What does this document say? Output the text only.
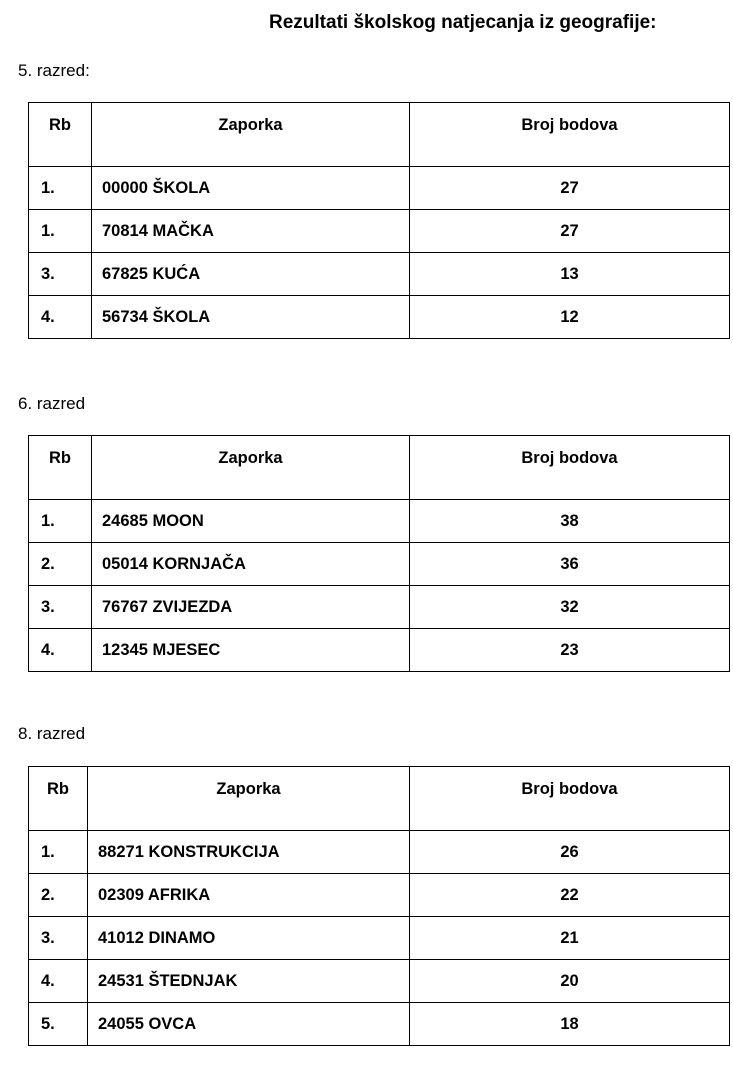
Rezultati školskog natjecanja iz geografije:
5. razred:
Rb	Zaporka	Broj bodova
1.	00000 ŠKOLA	27
1.	70814 MAČKA	27
3.	67825 KUĆA	13
4.	56734 ŠKOLA	12
6. razred
Rb	Zaporka	Broj bodova
1.	24685 MOON	38
2.	05014 KORNJAČA	36
3.	76767 ZVIJEZDA	32
4.	12345 MJESEC	23
8. razred
Rb	Zaporka	Broj bodova
1.	88271 KONSTRUKCIJA	26
2.	02309 AFRIKA	22
3.	41012 DINAMO	21
4.	24531 ŠTEDNJAK	20
5.	24055 OVCA	18
